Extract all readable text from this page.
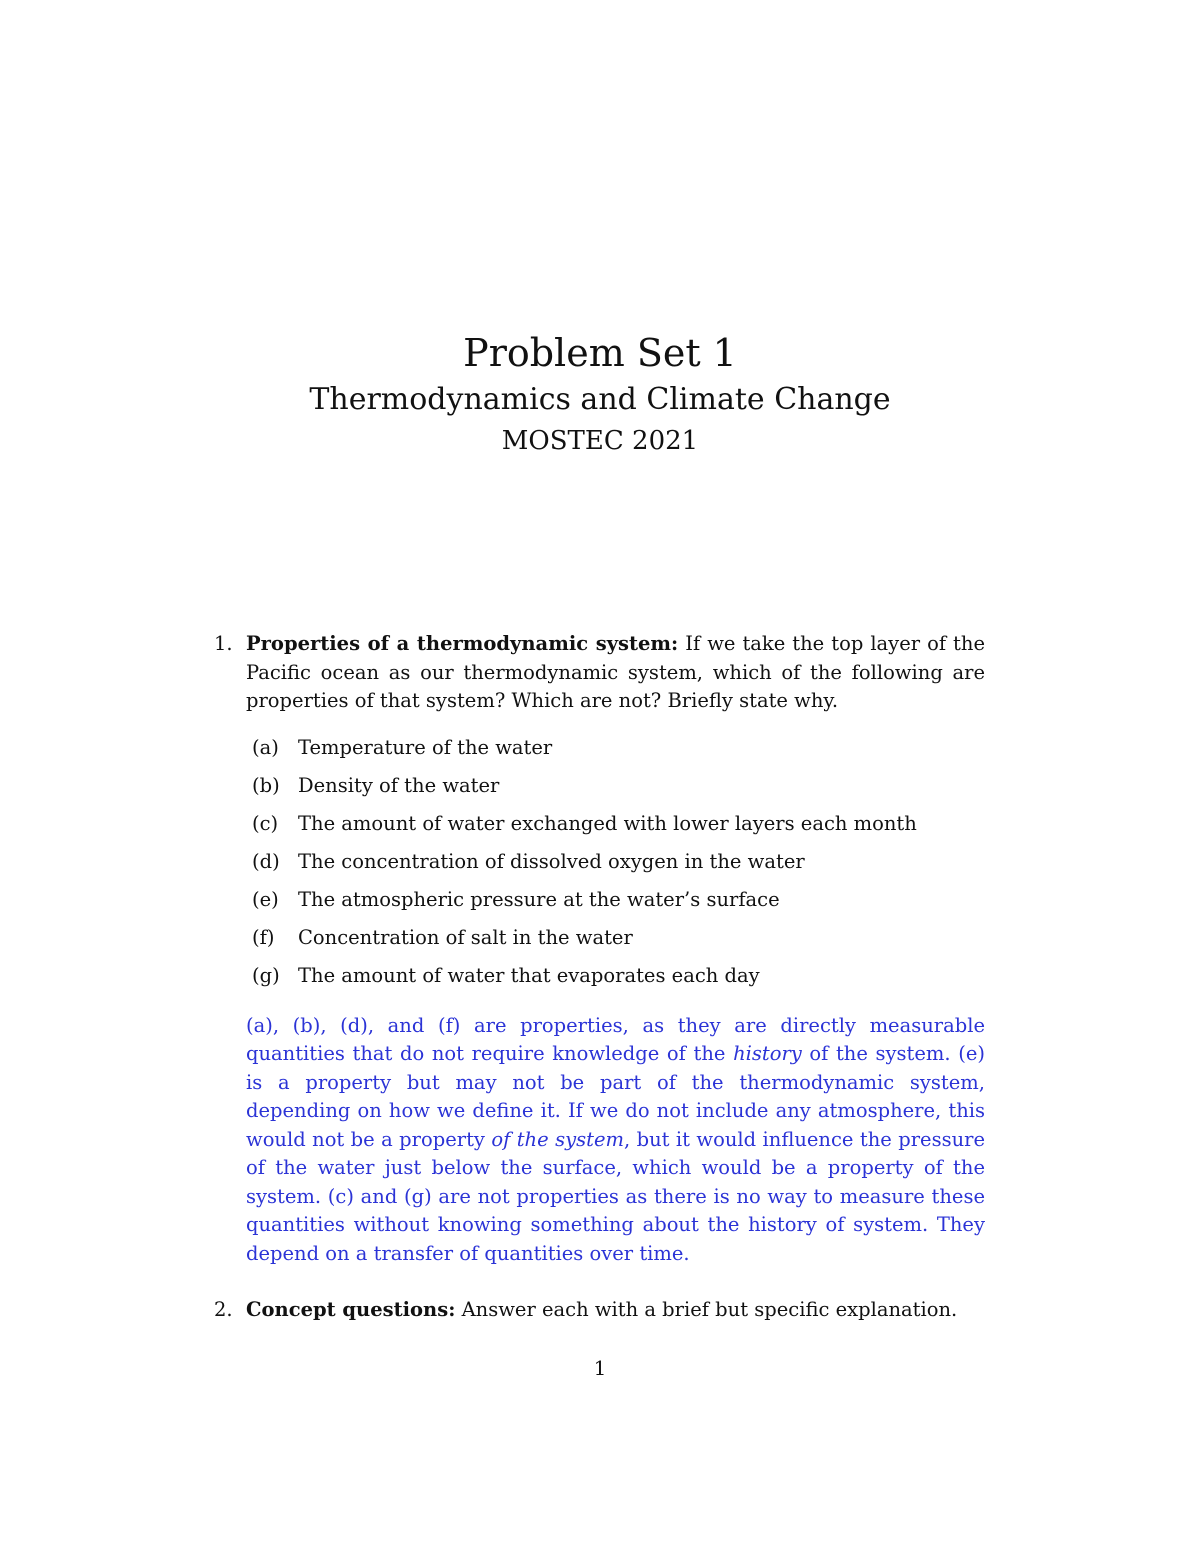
Problem Set 1
Thermodynamics and Climate Change
MOSTEC 2021
1. Properties of a thermodynamic system: If we take the top layer of the Pacific ocean as our thermodynamic system, which of the following are properties of that system? Which are not? Briefly state why.
(a) Temperature of the water
(b) Density of the water
(c) The amount of water exchanged with lower layers each month
(d) The concentration of dissolved oxygen in the water
(e) The atmospheric pressure at the water’s surface
(f) Concentration of salt in the water
(g) The amount of water that evaporates each day
(a), (b), (d), and (f) are properties, as they are directly measurable quantities that do not require knowledge of the history of the system. (e) is a property but may not be part of the thermodynamic system, depending on how we define it. If we do not include any atmosphere, this would not be a property of the system, but it would influence the pressure of the water just below the surface, which would be a property of the system. (c) and (g) are not properties as there is no way to measure these quantities without knowing something about the history of system. They depend on a transfer of quantities over time.
2. Concept questions: Answer each with a brief but specific explanation.
1
